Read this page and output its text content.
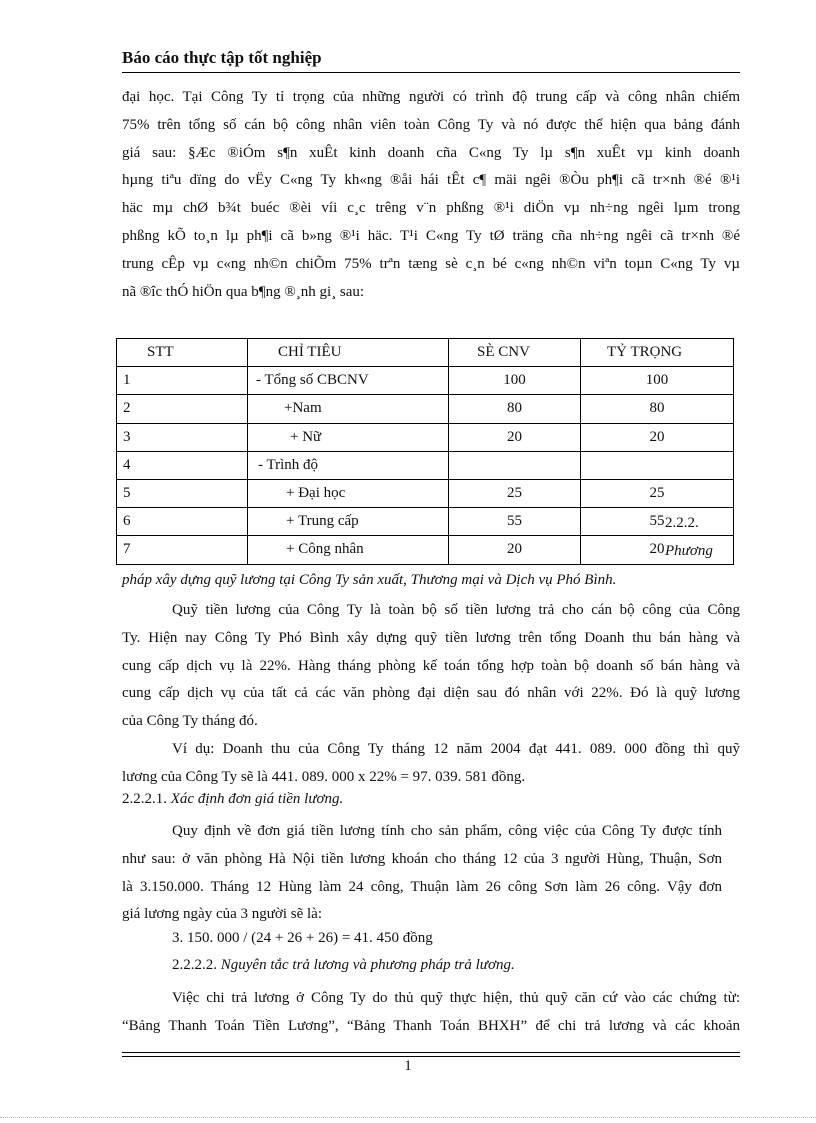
Báo cáo thực tập tốt nghiệp
đại học. Tại Công Ty tỉ trọng của những người có trình độ trung cấp và công nhân chiếm
75% trên tổng số cán bộ công nhân viên toàn Công Ty và nó được thể hiện qua bảng đánh
giá sau: §Æc ®iÓm s¶n xuÊt kinh doanh cña C«ng Ty lµ s¶n xuÊt vµ kinh doanh
hµng tiªu dïng do vËy C«ng Ty kh«ng ®åi hái tÊt c¶ mäi ngêi ®Òu ph¶i cã tr×nh ®é ®¹i
häc mµ chØ b¾t buéc ®èi víi c¸c trêng v¨n phßng ®¹i diÖn vµ nh÷ng ngêi lµm trong
phßng kÕ to¸n lµ ph¶i cã b»ng ®¹i häc. T¹i C«ng Ty tØ träng cña nh÷ng ngêi cã tr×nh ®é
trung cÊp vµ c«ng nh©n chiÕm 75% trªn tæng sè c¸n bé c«ng nh©n viªn toµn C«ng Ty vµ
nã ®îc thÓ hiÖn qua b¶ng ®¸nh gi¸ sau:
STT	CHỈ TIÊU	SÈ CNV	TỶ TRỌNG
1	- Tổng số CBCNV	100	100
2	+Nam	80	80
3	+ Nữ	20	20
4	- Trình độ		
5	+ Đại học	25	25
6	+ Trung cấp	55	55
7	+ Công nhân	20	20
2.2.2.
Phương
pháp xây dựng quỹ lương tại Công Ty sản xuất, Thương mại và Dịch vụ Phó Bình.
Quỹ tiền lương của Công Ty là toàn bộ số tiền lương trả cho cán bộ công của Công
Ty. Hiện nay Công Ty Phó Bình xây dựng quỹ tiền lương trên tổng Doanh thu bán hàng và
cung cấp dịch vụ là 22%. Hàng tháng phòng kế toán tổng hợp toàn bộ doanh số bán hàng và
cung cấp dịch vụ của tất cả các văn phòng đại diện sau đó nhân với 22%. Đó là quỹ lương
của Công Ty tháng đó.
Ví dụ: Doanh thu của Công Ty tháng 12 năm 2004 đạt 441. 089. 000 đồng thì quỹ
lương của Công Ty sẽ là 441. 089. 000 x 22% = 97. 039. 581 đồng.
2.2.2.1. Xác định đơn giá tiền lương.
Quy định về đơn giá tiền lương tính cho sản phẩm, công việc của Công Ty được tính
như sau: ở văn phòng Hà Nội tiền lương khoán cho tháng 12 của 3 người Hùng, Thuận, Sơn
là 3.150.000. Tháng 12 Hùng làm 24 công, Thuận làm 26 công Sơn làm 26 công. Vậy đơn
giá lương ngày của 3 người sẽ là:
3. 150. 000 / (24 + 26 + 26) = 41. 450 đồng
2.2.2.2. Nguyên tắc trả lương và phương pháp trả lương.
Việc chi trả lương ở Công Ty do thủ quỹ thực hiện, thủ quỹ căn cứ vào các chứng từ:
“Bảng Thanh Toán Tiền Lương”, “Bảng Thanh Toán BHXH” để chi trả lương và các khoản
1
